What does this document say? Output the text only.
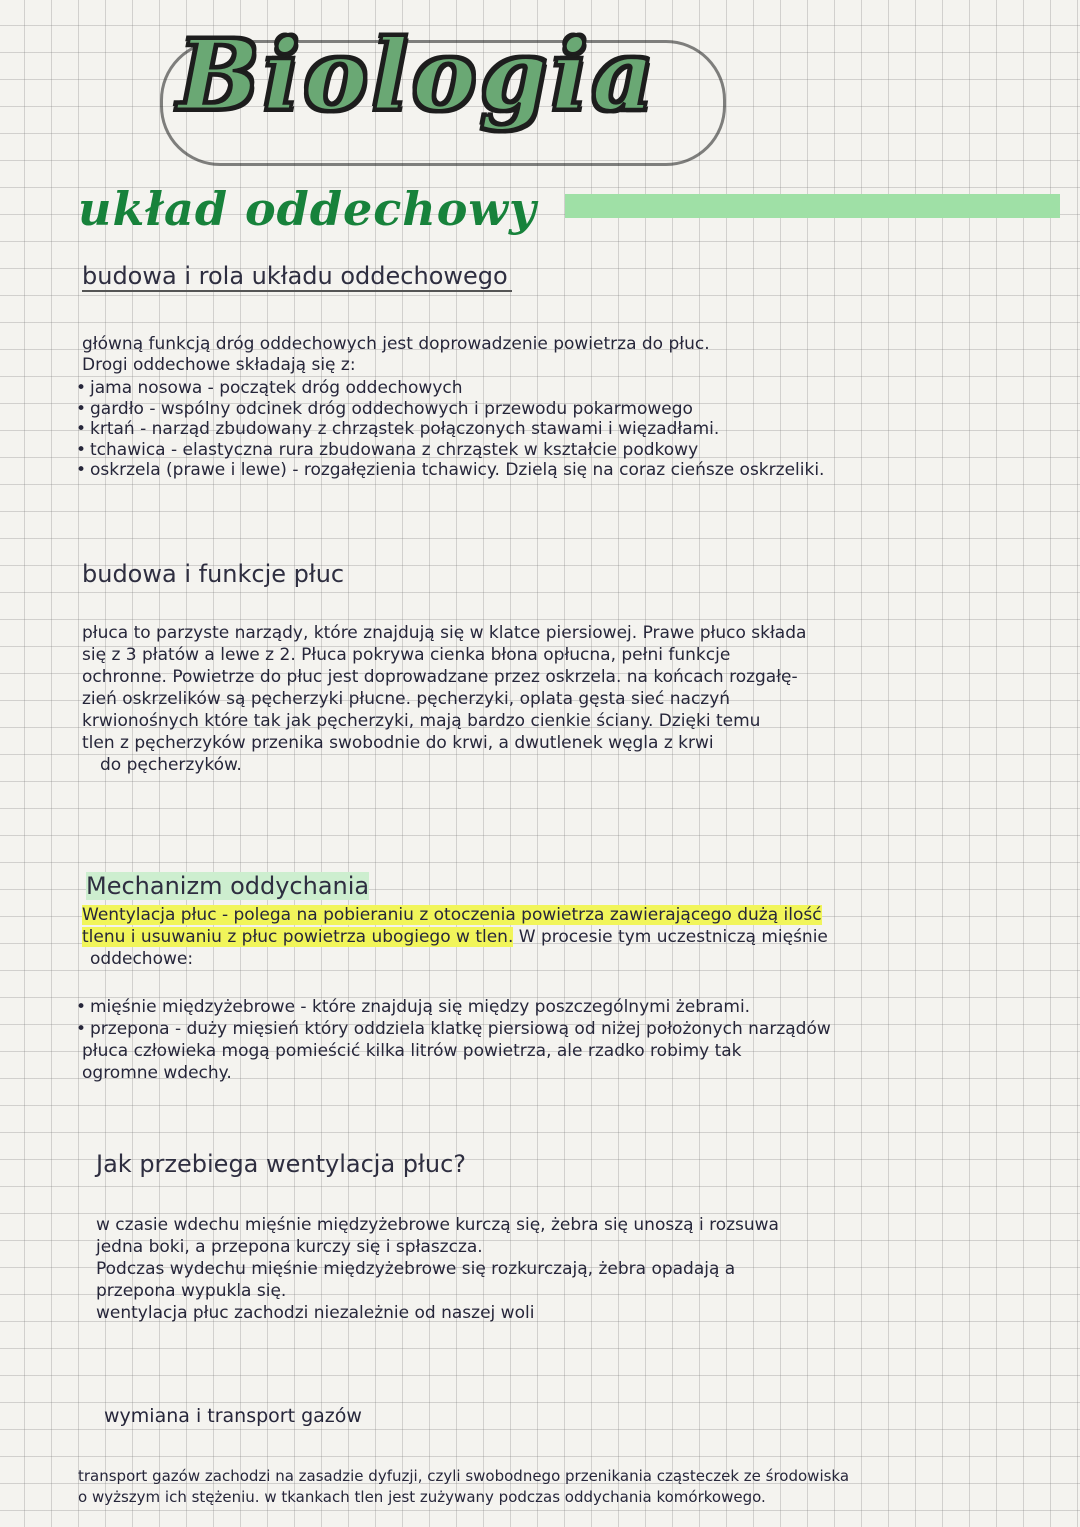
Biologia
układ oddechowy
budowa i rola układu oddechowego
główną funkcją dróg oddechowych jest doprowadzenie powietrza do płuc.
Drogi oddechowe składają się z:
• jama nosowa - początek dróg oddechowych
• gardło - wspólny odcinek dróg oddechowych i przewodu pokarmowego
• krtań - narząd zbudowany z chrząstek połączonych stawami i więzadłami.
• tchawica - elastyczna rura zbudowana z chrząstek w kształcie podkowy
• oskrzela (prawe i lewe) - rozgałęzienia tchawicy. Dzielą się na coraz cieńsze oskrzeliki.
budowa i funkcje płuc
płuca to parzyste narządy, które znajdują się w klatce piersiowej. Prawe płuco składa
się z 3 płatów a lewe z 2. Płuca pokrywa cienka błona opłucna, pełni funkcje
ochronne. Powietrze do płuc jest doprowadzane przez oskrzela. na końcach rozgałę-
zień oskrzelików są pęcherzyki płucne. pęcherzyki, oplata gęsta sieć naczyń
krwionośnych które tak jak pęcherzyki, mają bardzo cienkie ściany. Dzięki temu
tlen z pęcherzyków przenika swobodnie do krwi, a dwutlenek węgla z krwi
do pęcherzyków.
Mechanizm oddychania
Wentylacja płuc - polega na pobieraniu z otoczenia powietrza zawierającego dużą ilość
tlenu i usuwaniu z płuc powietrza ubogiego w tlen. W procesie tym uczestniczą mięśnie
oddechowe:
• mięśnie międzyżebrowe - które znajdują się między poszczególnymi żebrami.
• przepona - duży mięsień który oddziela klatkę piersiową od niżej położonych narządów
płuca człowieka mogą pomieścić kilka litrów powietrza, ale rzadko robimy tak
ogromne wdechy.
Jak przebiega wentylacja płuc?
w czasie wdechu mięśnie międzyżebrowe kurczą się, żebra się unoszą i rozsuwa
jedna boki, a przepona kurczy się i spłaszcza.
Podczas wydechu mięśnie międzyżebrowe się rozkurczają, żebra opadają a
przepona wypukla się.
wentylacja płuc zachodzi niezależnie od naszej woli
wymiana i transport gazów
transport gazów zachodzi na zasadzie dyfuzji, czyli swobodnego przenikania cząsteczek ze środowiska
o wyższym ich stężeniu. w tkankach tlen jest zużywany podczas oddychania komórkowego.
